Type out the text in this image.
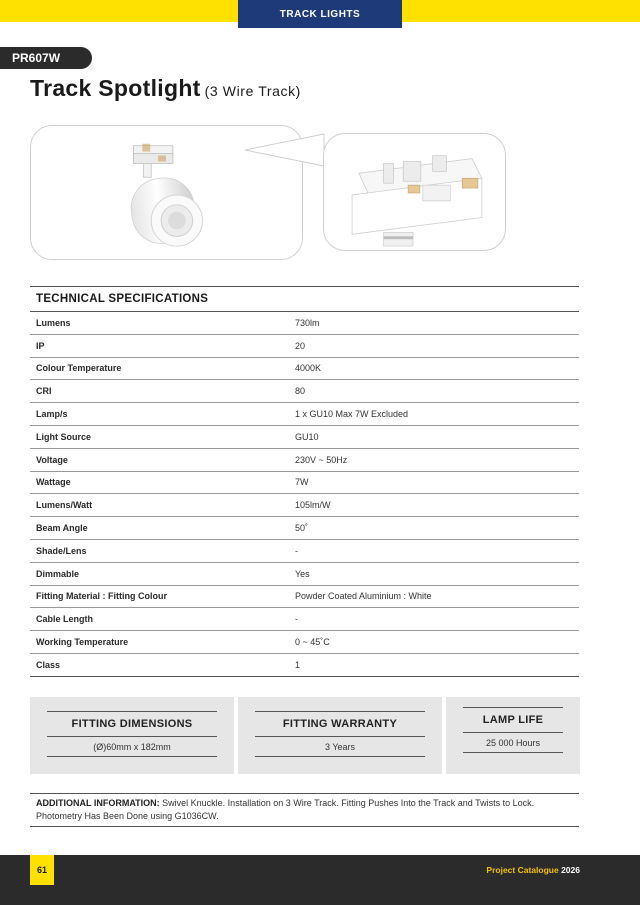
TRACK LIGHTS
PR607W
Track Spotlight (3 Wire Track)
TECHNICAL SPECIFICATIONS
Lumens	730lm
IP	20
Colour Temperature	4000K
CRI	80
Lamp/s	1 x GU10 Max 7W Excluded
Light Source	GU10
Voltage	230V ~ 50Hz
Wattage	7W
Lumens/Watt	105lm/W
Beam Angle	50˚
Shade/Lens	-
Dimmable	Yes
Fitting Material : Fitting Colour	Powder Coated Aluminium : White
Cable Length	-
Working Temperature	0 ~ 45˚C
Class	1
FITTING DIMENSIONS
(Ø)60mm x 182mm
FITTING WARRANTY
3 Years
LAMP LIFE
25 000 Hours
ADDITIONAL INFORMATION: Swivel Knuckle. Installation on 3 Wire Track. Fitting Pushes Into the Track and Twists to Lock. Photometry Has Been Done using G1036CW.
61	Project Catalogue 2026
